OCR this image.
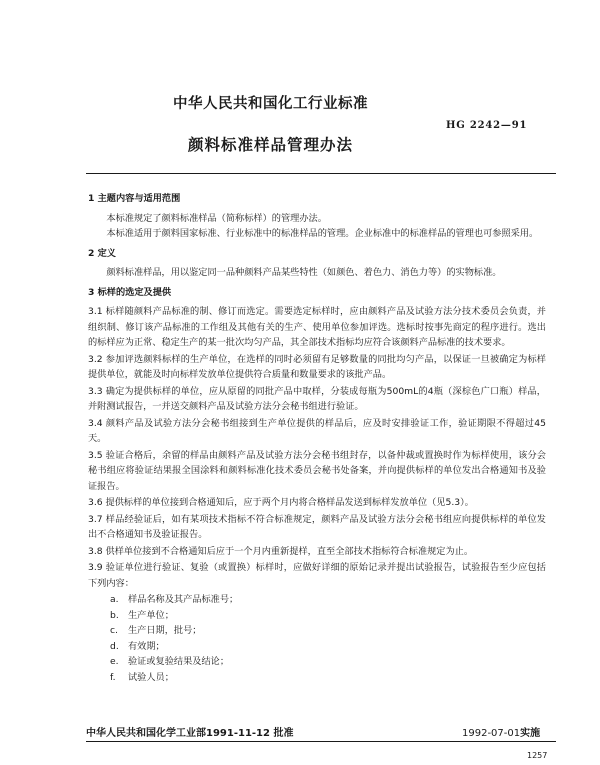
中华人民共和国化工行业标准
HG 2242—91
颜料标准样品管理办法
1 主题内容与适用范围

本标准规定了颜料标准样品（简称标样）的管理办法。

本标准适用于颜料国家标准、行业标准中的标准样品的管理。企业标准中的标准样品的管理也可参照采用。

2 定义

颜料标准样品，用以鉴定同一品种颜料产品某些特性（如颜色、着色力、消色力等）的实物标准。

3 标样的选定及提供

3.1 标样随颜料产品标准的制、修订而选定。需要选定标样时，应由颜料产品及试验方法分技术委员会负责，并组织制、修订该产品标准的工作组及其他有关的生产、使用单位参加评选。选标时按事先商定的程序进行。选出的标样应为正常、稳定生产的某一批次均匀产品，其全部技术指标均应符合该颜料产品标准的技术要求。

3.2 参加评选颜料标样的生产单位，在选样的同时必须留有足够数量的同批均匀产品，以保证一旦被确定为标样提供单位，就能及时向标样发放单位提供符合质量和数量要求的该批产品。

3.3 确定为提供标样的单位，应从原留的同批产品中取样，分装成每瓶为500mL的4瓶（深棕色广口瓶）样品，并附测试报告，一并送交颜料产品及试验方法分会秘书组进行验证。

3.4 颜料产品及试验方法分会秘书组接到生产单位提供的样品后，应及时安排验证工作，验证期限不得超过45天。

3.5 验证合格后，余留的样品由颜料产品及试验方法分会秘书组封存，以备仲裁或置换时作为标样使用，该分会秘书组应将验证结果报全国涂料和颜料标准化技术委员会秘书处备案，并向提供标样的单位发出合格通知书及验证报告。

3.6 提供标样的单位接到合格通知后，应于两个月内将合格样品发送到标样发放单位（见5.3）。

3.7 样品经验证后，如有某项技术指标不符合标准规定，颜料产品及试验方法分会秘书组应向提供标样的单位发出不合格通知书及验证报告。

3.8 供样单位接到不合格通知后应于一个月内重新提样，直至全部技术指标符合标准规定为止。

3.9 验证单位进行验证、复验（或置换）标样时，应做好详细的原始记录并提出试验报告，试验报告至少应包括下列内容：

a. 样品名称及其产品标准号；
b. 生产单位；
c. 生产日期，批号；
d. 有效期；
e. 验证或复验结果及结论；
f. 试验人员；
中华人民共和国化学工业部1991-11-12 批准	1992-07-01实施
1257
